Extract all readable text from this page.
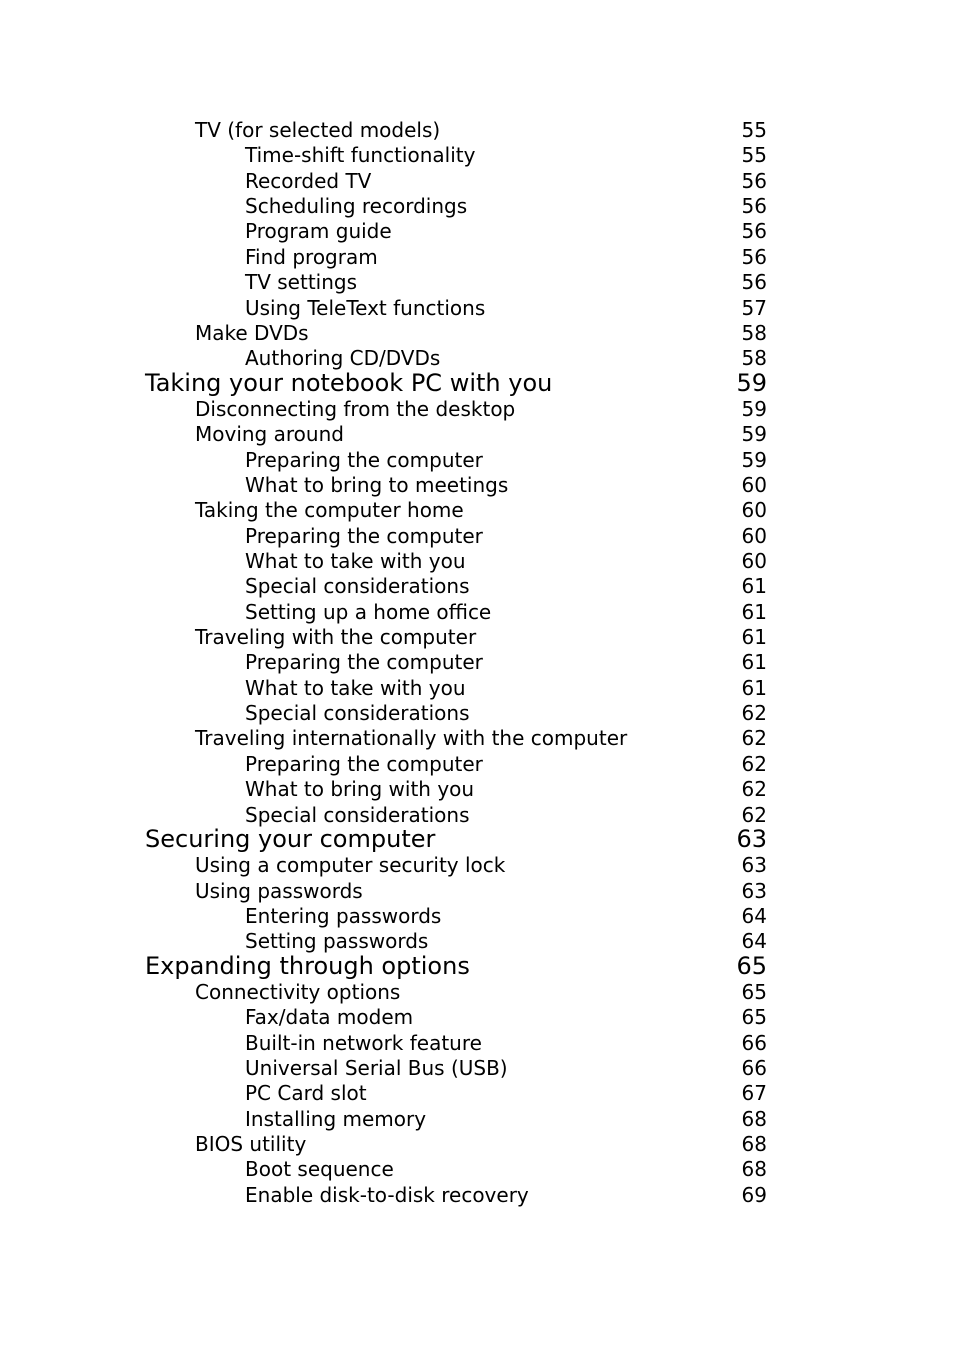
TV (for selected models)	55
Time-shift functionality	55
Recorded TV	56
Scheduling recordings	56
Program guide	56
Find program	56
TV settings	56
Using TeleText functions	57
Make DVDs	58
Authoring CD/DVDs	58
Taking your notebook PC with you	59
Disconnecting from the desktop	59
Moving around	59
Preparing the computer	59
What to bring to meetings	60
Taking the computer home	60
Preparing the computer	60
What to take with you	60
Special considerations	61
Setting up a home office	61
Traveling with the computer	61
Preparing the computer	61
What to take with you	61
Special considerations	62
Traveling internationally with the computer	62
Preparing the computer	62
What to bring with you	62
Special considerations	62
Securing your computer	63
Using a computer security lock	63
Using passwords	63
Entering passwords	64
Setting passwords	64
Expanding through options	65
Connectivity options	65
Fax/data modem	65
Built-in network feature	66
Universal Serial Bus (USB)	66
PC Card slot	67
Installing memory	68
BIOS utility	68
Boot sequence	68
Enable disk-to-disk recovery	69
